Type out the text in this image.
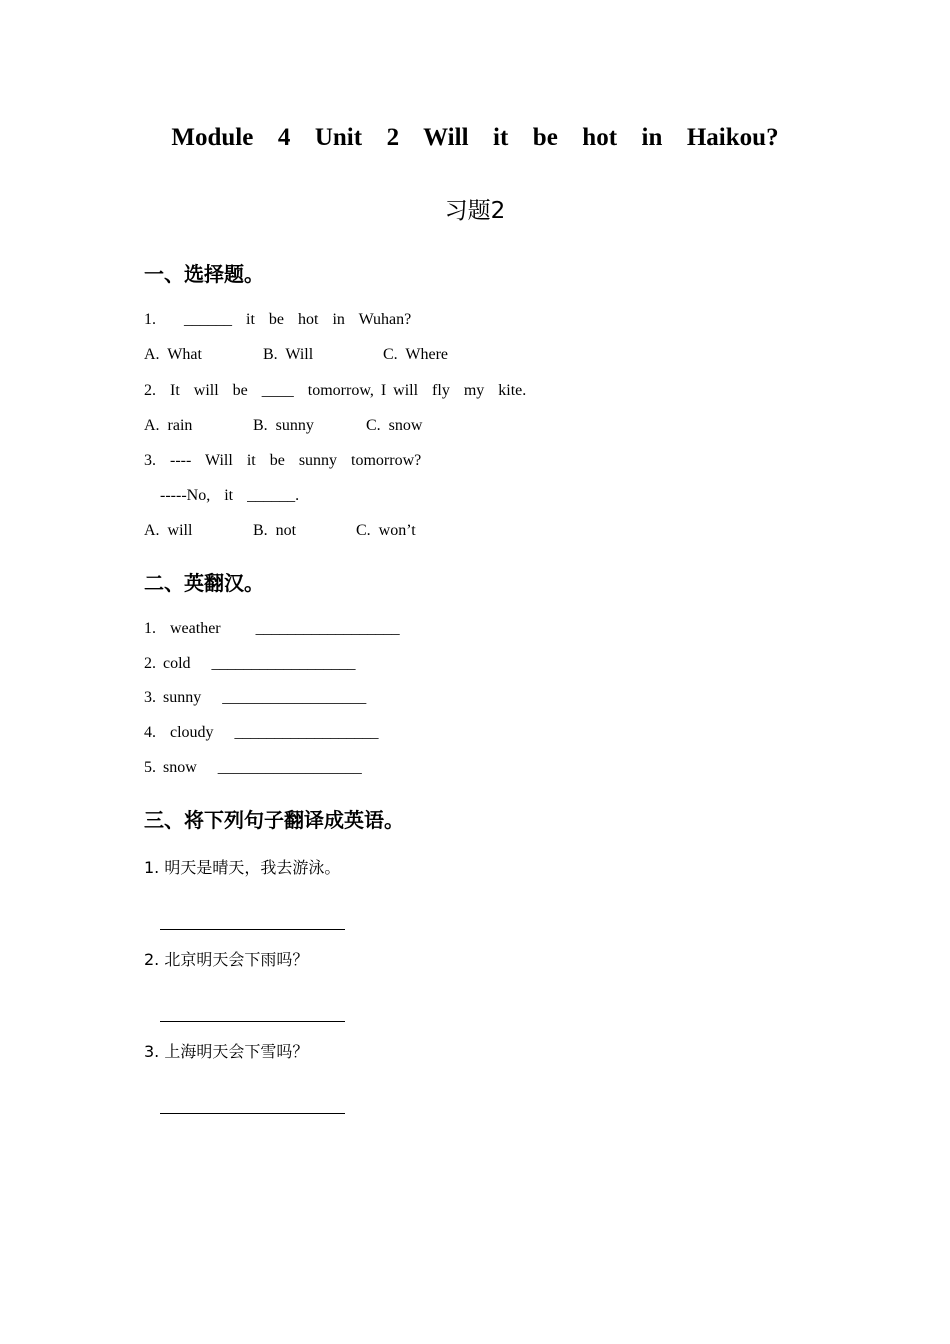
Module  4  Unit  2  Will  it  be  hot  in  Haikou?
习题2
一、选择题。
1. ______ it  be  hot  in  Wuhan?
A.  What	B.  Will	C.  Where
2.  It  will  be ____ tomorrow, I will  fly  my  kite.
A.  rain	B.  sunny	C.  snow
3.  ----  Will  it  be  sunny  tomorrow?
-----No,  it ______.
A.  will	B.  not	C.  won’t
二、英翻汉。
1.  weather __________________
2. cold __________________
3. sunny __________________
4.  cloudy __________________
5. snow __________________
三、将下列句子翻译成英语。
1. 明天是晴天，我去游泳。
2. 北京明天会下雨吗？
3. 上海明天会下雪吗？
